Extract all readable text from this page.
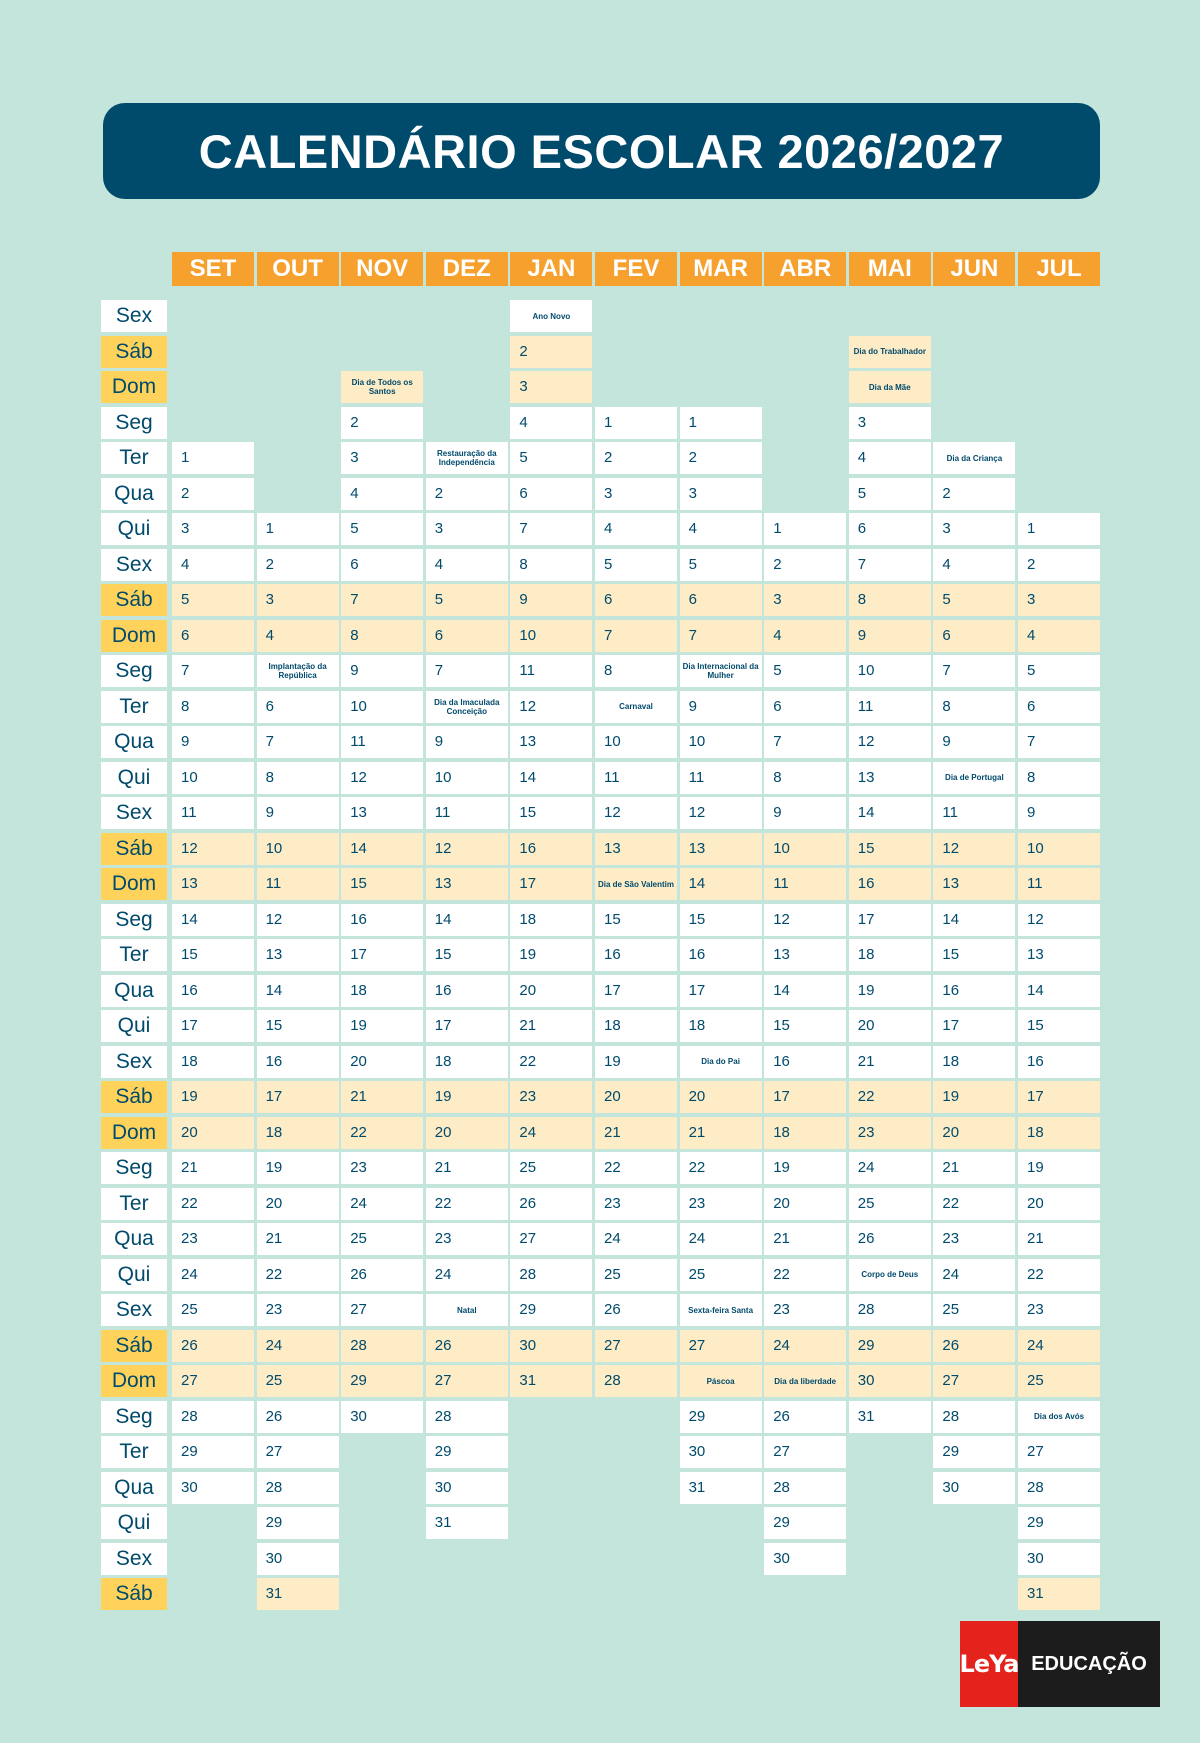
CALENDÁRIO ESCOLAR 2026/2027
Sex
Sáb
Dom
Seg
Ter
Qua
Qui
Sex
Sáb
Dom
Seg
Ter
Qua
Qui
Sex
Sáb
Dom
Seg
Ter
Qua
Qui
Sex
Sáb
Dom
Seg
Ter
Qua
Qui
Sex
Sáb
Dom
Seg
Ter
Qua
Qui
Sex
Sáb
SET
1
2
3
4
5
6
7
8
9
10
11
12
13
14
15
16
17
18
19
20
21
22
23
24
25
26
27
28
29
30
OUT
1
2
3
4
Implantação da República
6
7
8
9
10
11
12
13
14
15
16
17
18
19
20
21
22
23
24
25
26
27
28
29
30
31
NOV
Dia de Todos os Santos
2
3
4
5
6
7
8
9
10
11
12
13
14
15
16
17
18
19
20
21
22
23
24
25
26
27
28
29
30
DEZ
Restauração da Independência
2
3
4
5
6
7
Dia da Imaculada Conceição
9
10
11
12
13
14
15
16
17
18
19
20
21
22
23
24
Natal
26
27
28
29
30
31
JAN
Ano Novo
2
3
4
5
6
7
8
9
10
11
12
13
14
15
16
17
18
19
20
21
22
23
24
25
26
27
28
29
30
31
FEV
1
2
3
4
5
6
7
8
Carnaval
10
11
12
13
Dia de São Valentim
15
16
17
18
19
20
21
22
23
24
25
26
27
28
MAR
1
2
3
4
5
6
7
Dia Internacional da Mulher
9
10
11
12
13
14
15
16
17
18
Dia do Pai
20
21
22
23
24
25
Sexta-feira Santa
27
Páscoa
29
30
31
ABR
1
2
3
4
5
6
7
8
9
10
11
12
13
14
15
16
17
18
19
20
21
22
23
24
Dia da liberdade
26
27
28
29
30
MAI
Dia do Trabalhador
Dia da Mãe
3
4
5
6
7
8
9
10
11
12
13
14
15
16
17
18
19
20
21
22
23
24
25
26
Corpo de Deus
28
29
30
31
JUN
Dia da Criança
2
3
4
5
6
7
8
9
Dia de Portugal
11
12
13
14
15
16
17
18
19
20
21
22
23
24
25
26
27
28
29
30
JUL
1
2
3
4
5
6
7
8
9
10
11
12
13
14
15
16
17
18
19
20
21
22
23
24
25
Dia dos Avós
27
28
29
30
31
LeYa EDUCAÇÃO
